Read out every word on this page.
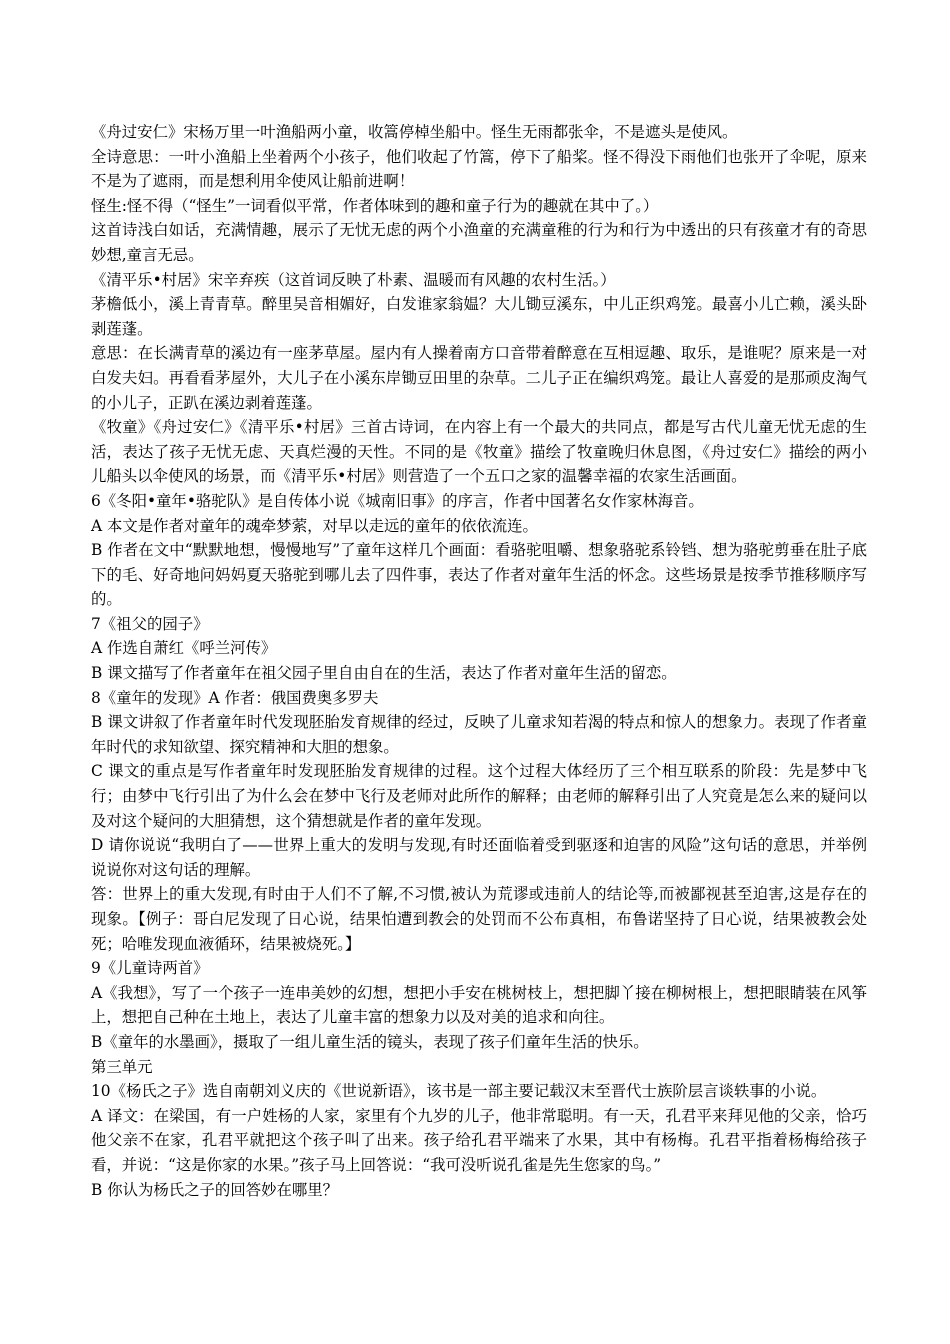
《舟过安仁》宋杨万里一叶渔船两小童，收篙停棹坐船中。怪生无雨都张伞，不是遮头是使风。

全诗意思：一叶小渔船上坐着两个小孩子，他们收起了竹篙，停下了船桨。怪不得没下雨他们也张开了伞呢，原来不是为了遮雨，而是想利用伞使风让船前进啊！

怪生:怪不得（“怪生”一词看似平常，作者体味到的趣和童子行为的趣就在其中了。）

这首诗浅白如话，充满情趣，展示了无忧无虑的两个小渔童的充满童稚的行为和行为中透出的只有孩童才有的奇思妙想,童言无忌。

《清平乐•村居》宋辛弃疾（这首词反映了朴素、温暖而有风趣的农村生活。）

茅檐低小，溪上青青草。醉里吴音相媚好，白发谁家翁媪？大儿锄豆溪东，中儿正织鸡笼。最喜小儿亡赖，溪头卧剥莲蓬。

意思：在长满青草的溪边有一座茅草屋。屋内有人操着南方口音带着醉意在互相逗趣、取乐，是谁呢？原来是一对白发夫妇。再看看茅屋外，大儿子在小溪东岸锄豆田里的杂草。二儿子正在编织鸡笼。最让人喜爱的是那顽皮淘气的小儿子，正趴在溪边剥着莲蓬。

《牧童》《舟过安仁》《清平乐•村居》三首古诗词，在内容上有一个最大的共同点，都是写古代儿童无忧无虑的生活，表达了孩子无忧无虑、天真烂漫的天性。不同的是《牧童》描绘了牧童晚归休息图，《舟过安仁》描绘的两小儿船头以伞使风的场景，而《清平乐•村居》则营造了一个五口之家的温馨幸福的农家生活画面。

6《冬阳•童年•骆驼队》是自传体小说《城南旧事》的序言，作者中国著名女作家林海音。

A 本文是作者对童年的魂牵梦萦，对早以走远的童年的依依流连。

B 作者在文中“默默地想，慢慢地写”了童年这样几个画面：看骆驼咀嚼、想象骆驼系铃铛、想为骆驼剪垂在肚子底下的毛、好奇地问妈妈夏天骆驼到哪儿去了四件事，表达了作者对童年生活的怀念。这些场景是按季节推移顺序写的。

7《祖父的园子》

A 作选自萧红《呼兰河传》

B 课文描写了作者童年在祖父园子里自由自在的生活，表达了作者对童年生活的留恋。

8《童年的发现》A 作者：俄国费奥多罗夫

B 课文讲叙了作者童年时代发现胚胎发育规律的经过，反映了儿童求知若渴的特点和惊人的想象力。表现了作者童年时代的求知欲望、探究精神和大胆的想象。

C 课文的重点是写作者童年时发现胚胎发育规律的过程。这个过程大体经历了三个相互联系的阶段：先是梦中飞行；由梦中飞行引出了为什么会在梦中飞行及老师对此所作的解释；由老师的解释引出了人究竟是怎么来的疑问以及对这个疑问的大胆猜想，这个猜想就是作者的童年发现。

D 请你说说“我明白了——世界上重大的发明与发现,有时还面临着受到驱逐和迫害的风险”这句话的意思，并举例说说你对这句话的理解。

答：世界上的重大发现,有时由于人们不了解,不习惯,被认为荒谬或违前人的结论等,而被鄙视甚至迫害,这是存在的现象。【例子：哥白尼发现了日心说，结果怕遭到教会的处罚而不公布真相，布鲁诺坚持了日心说，结果被教会处死；哈唯发现血液循环，结果被烧死。】

9《儿童诗两首》

A《我想》，写了一个孩子一连串美妙的幻想，想把小手安在桃树枝上，想把脚丫接在柳树根上，想把眼睛装在风筝上，想把自己种在土地上，表达了儿童丰富的想象力以及对美的追求和向往。

B《童年的水墨画》，摄取了一组儿童生活的镜头，表现了孩子们童年生活的快乐。

第三单元

10《杨氏之子》选自南朝刘义庆的《世说新语》，该书是一部主要记载汉末至晋代士族阶层言谈轶事的小说。

A 译文：在梁国，有一户姓杨的人家，家里有个九岁的儿子，他非常聪明。有一天，孔君平来拜见他的父亲，恰巧他父亲不在家，孔君平就把这个孩子叫了出来。孩子给孔君平端来了水果，其中有杨梅。孔君平指着杨梅给孩子看，并说：“这是你家的水果。”孩子马上回答说：“我可没听说孔雀是先生您家的鸟。”

B 你认为杨氏之子的回答妙在哪里？
